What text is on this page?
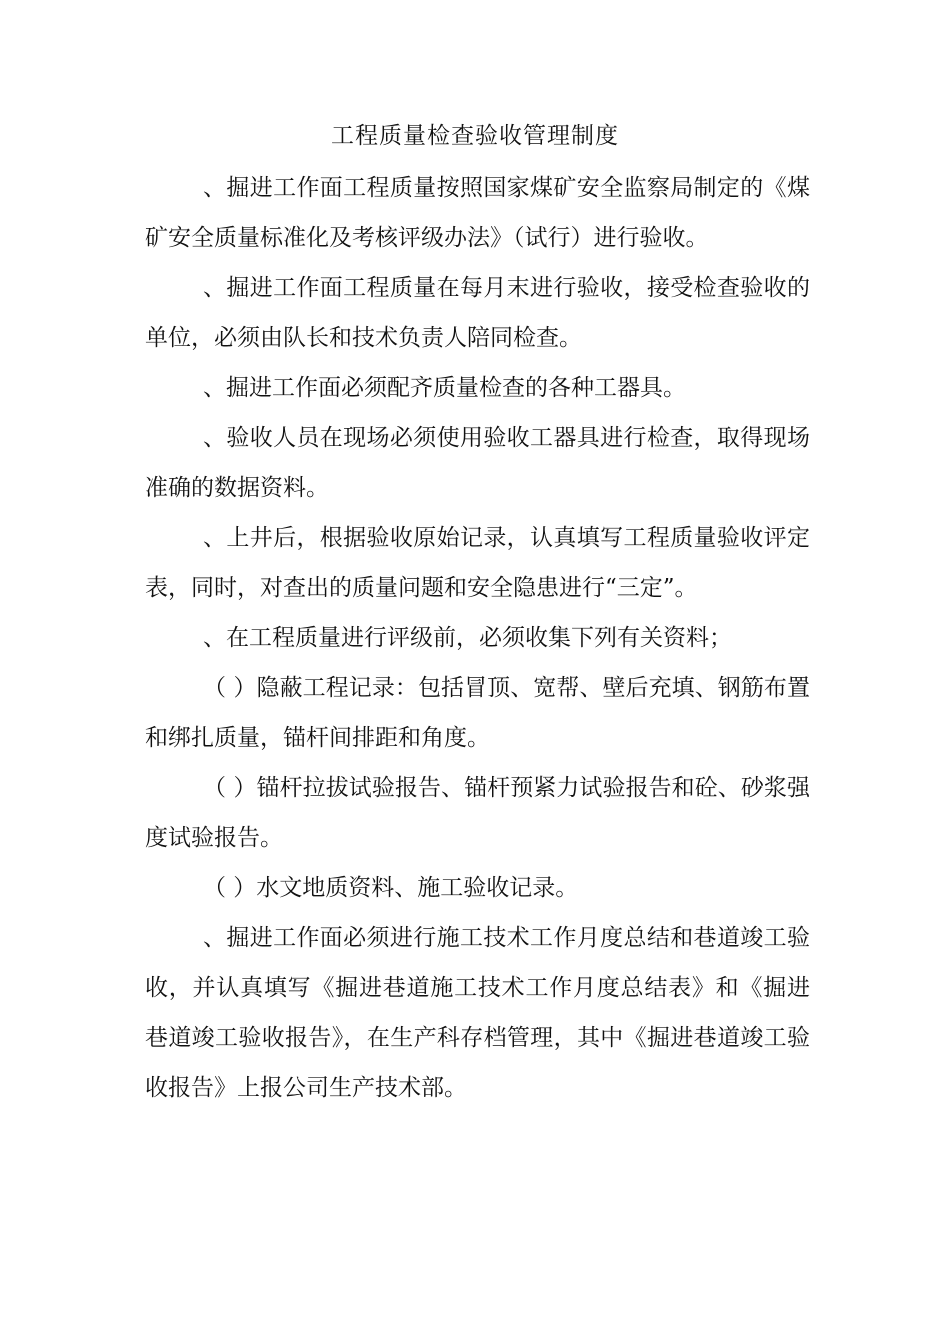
工程质量检查验收管理制度

、掘进工作面工程质量按照国家煤矿安全监察局制定的《煤矿安全质量标准化及考核评级办法》（试行）进行验收。

、掘进工作面工程质量在每月末进行验收，接受检查验收的单位，必须由队长和技术负责人陪同检查。

、掘进工作面必须配齐质量检查的各种工器具。

、验收人员在现场必须使用验收工器具进行检查，取得现场准确的数据资料。

、上井后，根据验收原始记录，认真填写工程质量验收评定表，同时，对查出的质量问题和安全隐患进行“三定”。

、在工程质量进行评级前，必须收集下列有关资料；

（ ）隐蔽工程记录：包括冒顶、宽帮、壁后充填、钢筋布置和绑扎质量，锚杆间排距和角度。

（ ）锚杆拉拔试验报告、锚杆预紧力试验报告和砼、砂浆强度试验报告。

（ ）水文地质资料、施工验收记录。

、掘进工作面必须进行施工技术工作月度总结和巷道竣工验收，并认真填写《掘进巷道施工技术工作月度总结表》和《掘进巷道竣工验收报告》，在生产科存档管理，其中《掘进巷道竣工验收报告》上报公司生产技术部。
